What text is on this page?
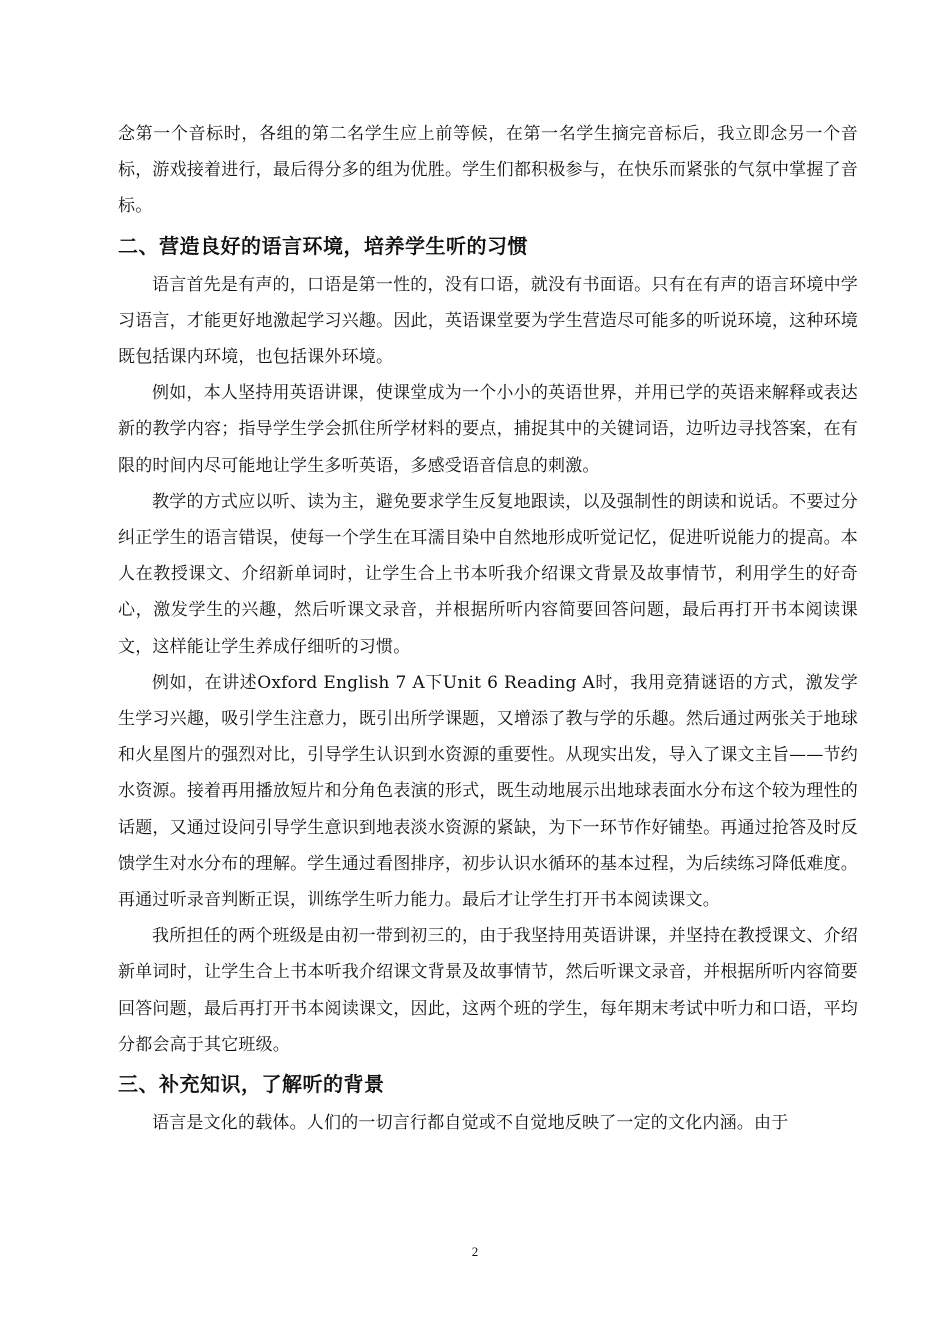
念第一个音标时，各组的第二名学生应上前等候，在第一名学生摘完音标后，我立即念另一个音标，游戏接着进行，最后得分多的组为优胜。学生们都积极参与，在快乐而紧张的气氛中掌握了音标。

二、营造良好的语言环境，培养学生听的习惯

语言首先是有声的，口语是第一性的，没有口语，就没有书面语。只有在有声的语言环境中学习语言，才能更好地激起学习兴趣。因此，英语课堂要为学生营造尽可能多的听说环境，这种环境既包括课内环境，也包括课外环境。

例如，本人坚持用英语讲课，使课堂成为一个小小的英语世界，并用已学的英语来解释或表达新的教学内容；指导学生学会抓住所学材料的要点，捕捉其中的关键词语，边听边寻找答案，在有限的时间内尽可能地让学生多听英语，多感受语音信息的刺激。

教学的方式应以听、读为主，避免要求学生反复地跟读，以及强制性的朗读和说话。不要过分纠正学生的语言错误，使每一个学生在耳濡目染中自然地形成听觉记忆，促进听说能力的提高。本人在教授课文、介绍新单词时，让学生合上书本听我介绍课文背景及故事情节，利用学生的好奇心，激发学生的兴趣，然后听课文录音，并根据所听内容简要回答问题，最后再打开书本阅读课文，这样能让学生养成仔细听的习惯。

例如，在讲述Oxford English 7 A下Unit 6 Reading A时，我用竞猜谜语的方式，激发学生学习兴趣，吸引学生注意力，既引出所学课题，又增添了教与学的乐趣。然后通过两张关于地球和火星图片的强烈对比，引导学生认识到水资源的重要性。从现实出发，导入了课文主旨——节约水资源。接着再用播放短片和分角色表演的形式，既生动地展示出地球表面水分布这个较为理性的话题，又通过设问引导学生意识到地表淡水资源的紧缺，为下一环节作好铺垫。再通过抢答及时反馈学生对水分布的理解。学生通过看图排序，初步认识水循环的基本过程，为后续练习降低难度。再通过听录音判断正误，训练学生听力能力。最后才让学生打开书本阅读课文。

我所担任的两个班级是由初一带到初三的，由于我坚持用英语讲课，并坚持在教授课文、介绍新单词时，让学生合上书本听我介绍课文背景及故事情节，然后听课文录音，并根据所听内容简要回答问题，最后再打开书本阅读课文，因此，这两个班的学生，每年期末考试中听力和口语，平均分都会高于其它班级。

三、补充知识，了解听的背景

语言是文化的载体。人们的一切言行都自觉或不自觉地反映了一定的文化内涵。由于

2
